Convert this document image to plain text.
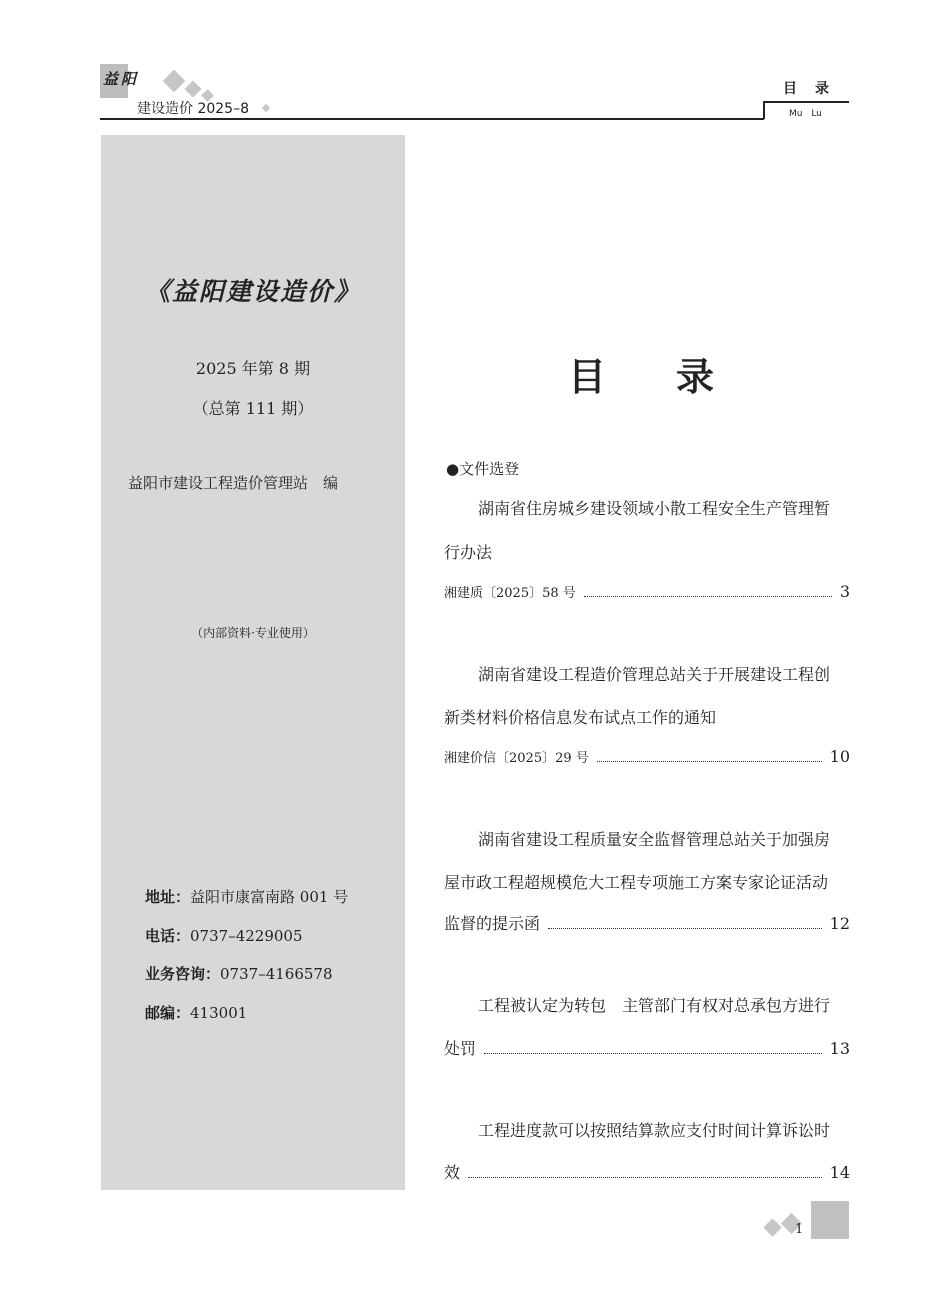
益阳
建设造价 2025–8
目录
Mu Lu
《益阳建设造价》
2025 年第 8 期
（总第 111 期）
益阳市建设工程造价管理站　编
（内部资料·专业使用）
地址：益阳市康富南路 001 号
电话：0737–4229005
业务咨询：0737–4166578
邮编：413001
目录
●文件选登
湖南省住房城乡建设领域小散工程安全生产管理暂
行办法
湘建质〔2025〕58 号	3
湖南省建设工程造价管理总站关于开展建设工程创
新类材料价格信息发布试点工作的通知
湘建价信〔2025〕29 号	10
湖南省建设工程质量安全监督管理总站关于加强房
屋市政工程超规模危大工程专项施工方案专家论证活动
监督的提示函	12
工程被认定为转包　主管部门有权对总承包方进行
处罚	13
工程进度款可以按照结算款应支付时间计算诉讼时
效	14
1
